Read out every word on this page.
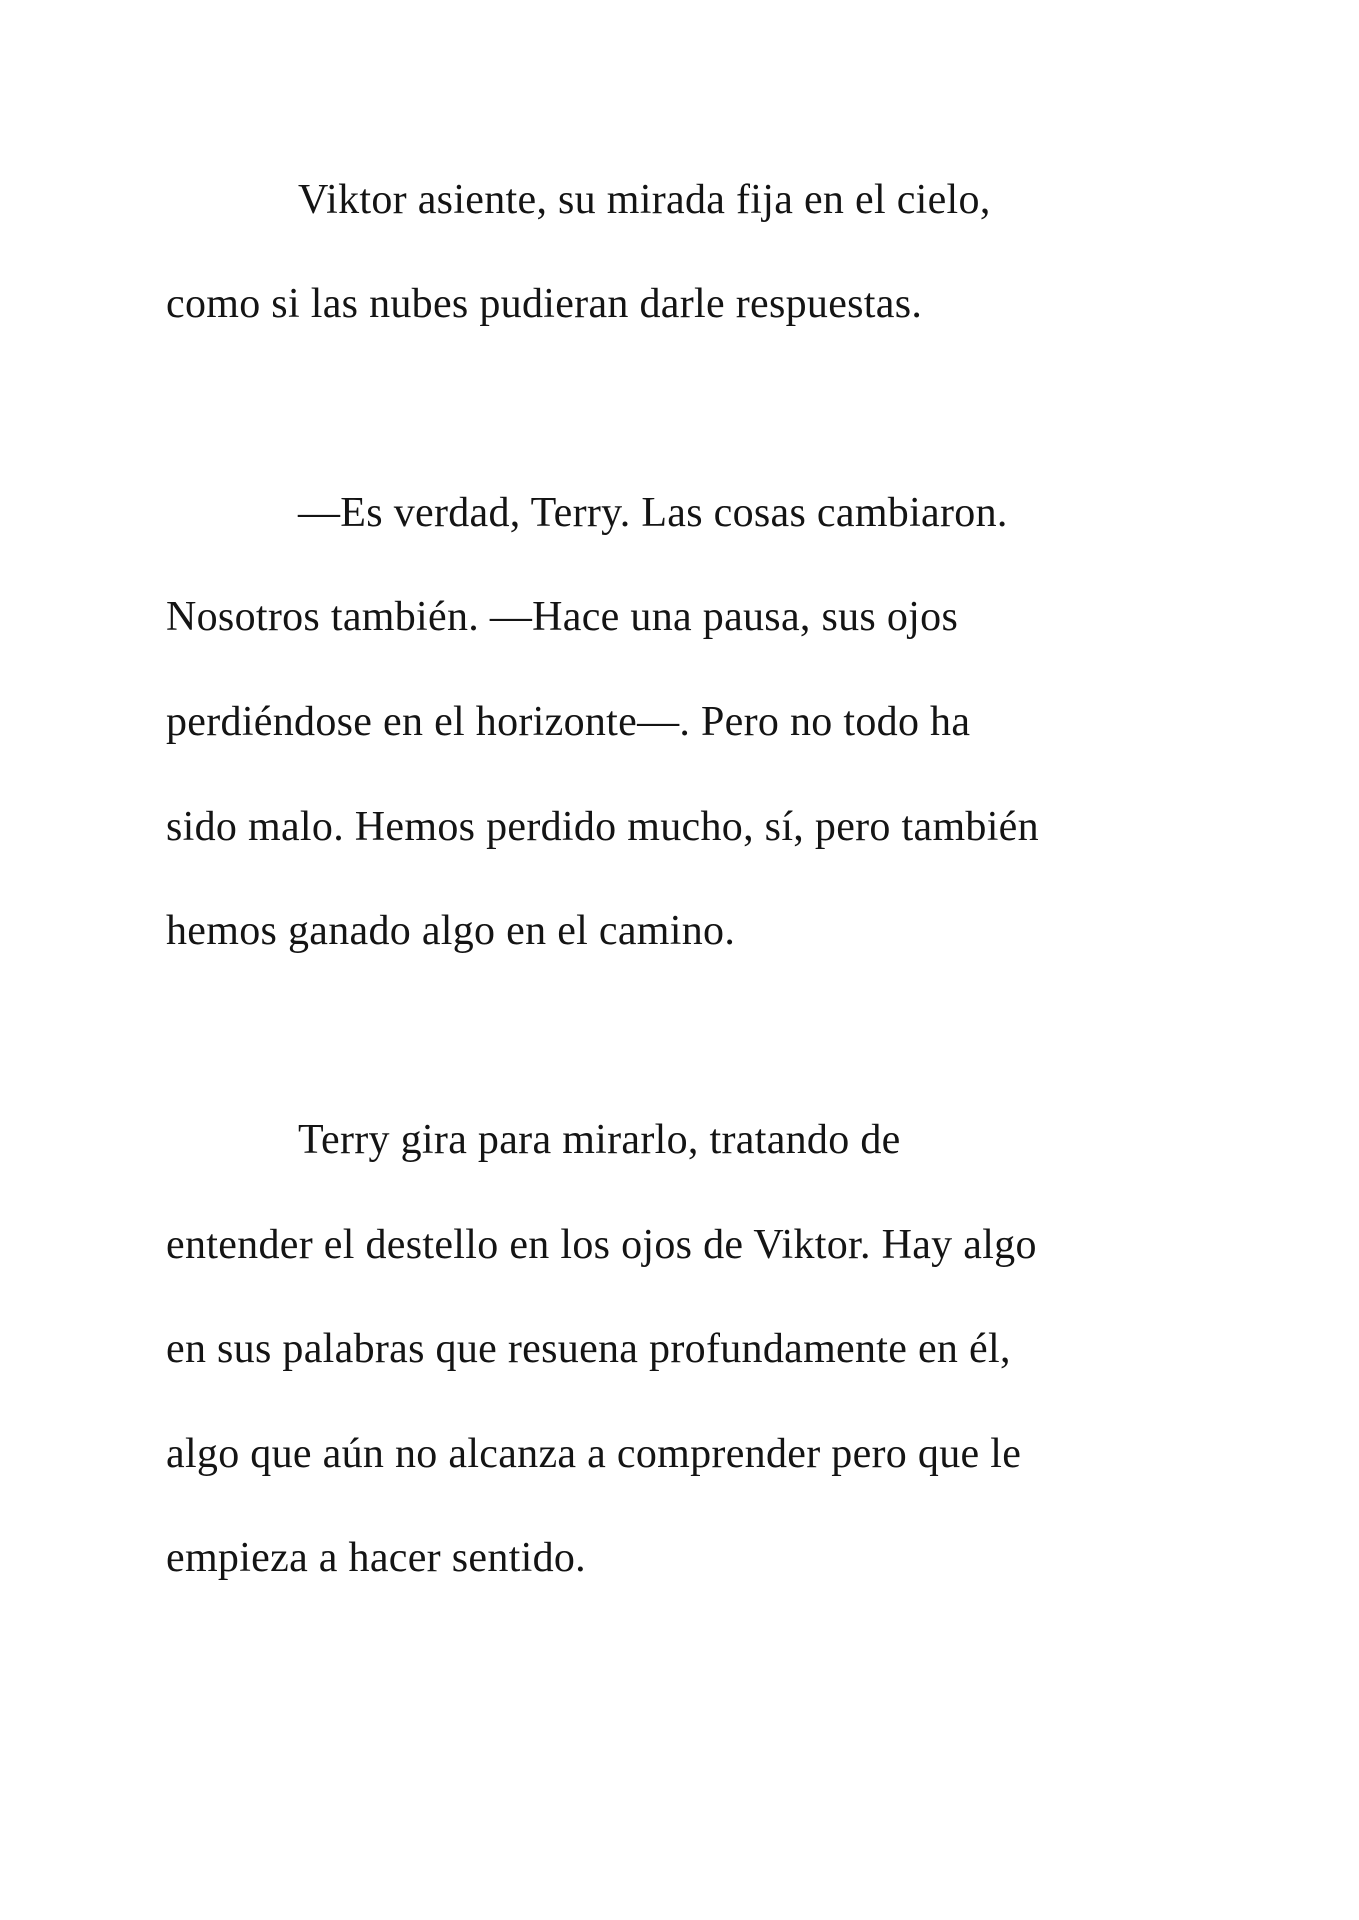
Viktor asiente, su mirada fija en el cielo,
como si las nubes pudieran darle respuestas.
—Es verdad, Terry. Las cosas cambiaron.
Nosotros también. —Hace una pausa, sus ojos
perdiéndose en el horizonte—. Pero no todo ha
sido malo. Hemos perdido mucho, sí, pero también
hemos ganado algo en el camino.
Terry gira para mirarlo, tratando de
entender el destello en los ojos de Viktor. Hay algo
en sus palabras que resuena profundamente en él,
algo que aún no alcanza a comprender pero que le
empieza a hacer sentido.
